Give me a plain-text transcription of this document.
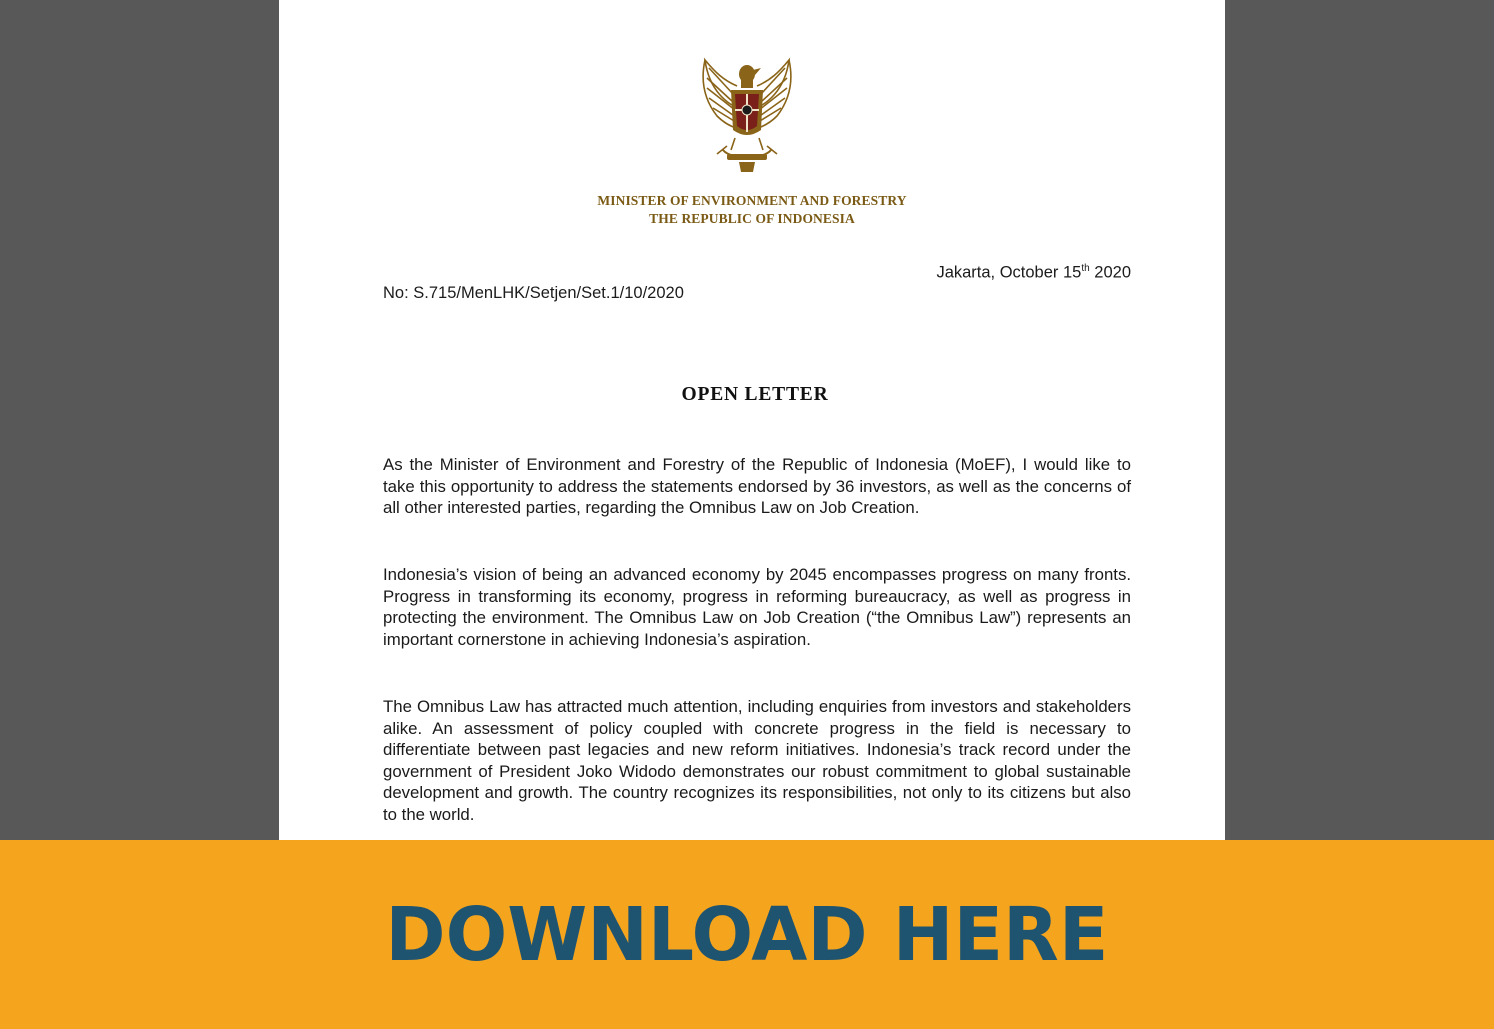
MINISTER OF ENVIRONMENT AND FORESTRY
THE REPUBLIC OF INDONESIA
Jakarta, October 15th 2020
No: S.715/MenLHK/Setjen/Set.1/10/2020
OPEN LETTER

As the Minister of Environment and Forestry of the Republic of Indonesia (MoEF), I would like to take this opportunity to address the statements endorsed by 36 investors, as well as the concerns of all other interested parties, regarding the Omnibus Law on Job Creation.

Indonesia’s vision of being an advanced economy by 2045 encompasses progress on many fronts. Progress in transforming its economy, progress in reforming bureaucracy, as well as progress in protecting the environment. The Omnibus Law on Job Creation (“the Omnibus Law”) represents an important cornerstone in achieving Indonesia’s aspiration.

The Omnibus Law has attracted much attention, including enquiries from investors and stakeholders alike. An assessment of policy coupled with concrete progress in the field is necessary to differentiate between past legacies and new reform initiatives. Indonesia’s track record under the government of President Joko Widodo demonstrates our robust commitment to global sustainable development and growth. The country recognizes its responsibilities, not only to its citizens but also to the world.

DOWNLOAD HERE
